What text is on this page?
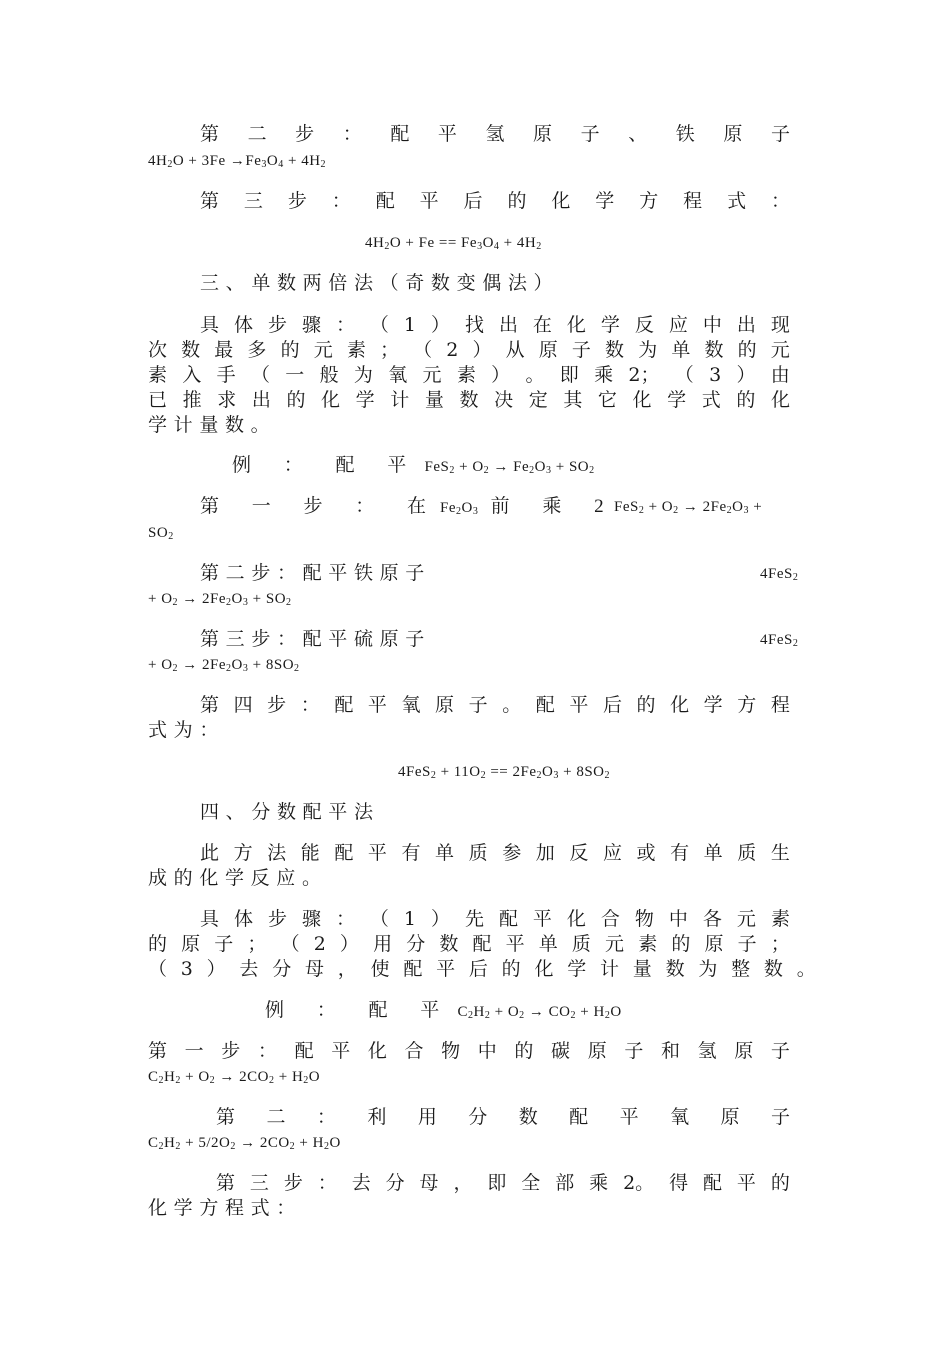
第 二 步 ： 配 平 氢 原 子 、 铁 原 子
$4H_2O + 3Fe \to Fe_3O_4 + 4H_2$
第 三 步 ： 配 平 后 的 化 学 方 程 式 ：
$4H_2O + Fe == Fe_3O_4 + 4H_2$
三 、 单 数 两 倍 法 （ 奇 数 变 偶 法 ）
具 体 步 骤 ： （ 1 ） 找 出 在 化 学 反 应 中 出 现
次 数 最 多 的 元 素 ； （ 2 ） 从 原 子 数 为 单 数 的 元
素 入 手 （ 一 般 为 氧 元 素 ） 。 即 乘 2； （ 3 ） 由
已 推 求 出 的 化 学 计 量 数 决 定 其 它 化 学 式 的 化
学 计 量 数 。
例 ： 配 平 $FeS_2 + O_2 \to Fe_2O_3 + SO_2$
第 一 步 ： 在$Fe_2O_3$ 前 乘 2
$FeS_2 + O_2 \to 2Fe_2O_3$ +
$SO_2$
第 二 步 ： 配 平 铁 原 子	4FeS$_2$
+ $O_2 \to 2Fe_2O_3 + SO_2$
第 三 步 ： 配 平 硫 原 子	4FeS$_2$
+ $O_2 \to 2Fe_2O_3 + 8SO_2$
第 四 步 ： 配 平 氧 原 子 。 配 平 后 的 化 学 方 程
式 为 ：
$4FeS_2 + 11O_2 == 2Fe_2O_3 + 8SO_2$
四 、 分 数 配 平 法
此 方 法 能 配 平 有 单 质 参 加 反 应 或 有 单 质 生
成 的 化 学 反 应 。
具 体 步 骤 ： （ 1 ） 先 配 平 化 合 物 中 各 元 素
的 原 子 ； （ 2 ） 用 分 数 配 平 单 质 元 素 的 原 子 ；
（ 3 ） 去 分 母 ， 使 配 平 后 的 化 学 计 量 数 为 整 数 。
例 ： 配 平 $C_2H_2 + O_2 \to CO_2 + H_2O$
第 一 步 ： 配 平 化 合 物 中 的 碳 原 子 和 氢 原 子
$C_2H_2 + O_2 \to 2CO_2 + H_2O$
第 二 ： 利 用 分 数 配 平 氧 原 子
$C_2H_2 + 5/2O_2 \to 2CO_2 + H_2O$
第 三 步 ： 去 分 母 ， 即 全 部 乘 2。 得 配 平 的
化 学 方 程 式 ：
